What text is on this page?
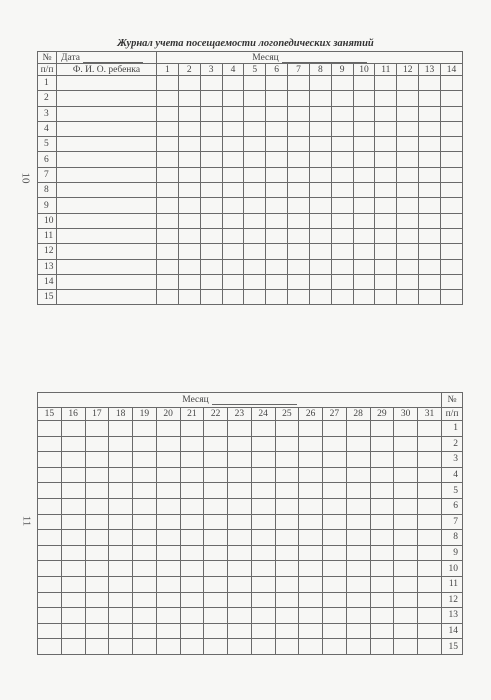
10
11
Журнал учета посещаемости логопедических занятий
№	Дата	Месяц													
п/п	Ф. И. О. ребенка	1	2	3	4	5	6	7	8	9	10	11	12	13	14
1															
2															
3															
4															
5															
6															
7															
8															
9															
10															
11															
12															
13															
14															
15															
Месяц																	№
15	16	17	18	19	20	21	22	23	24	25	26	27	28	29	30	31	п/п
																	1
																	2
																	3
																	4
																	5
																	6
																	7
																	8
																	9
																	10
																	11
																	12
																	13
																	14
																	15
